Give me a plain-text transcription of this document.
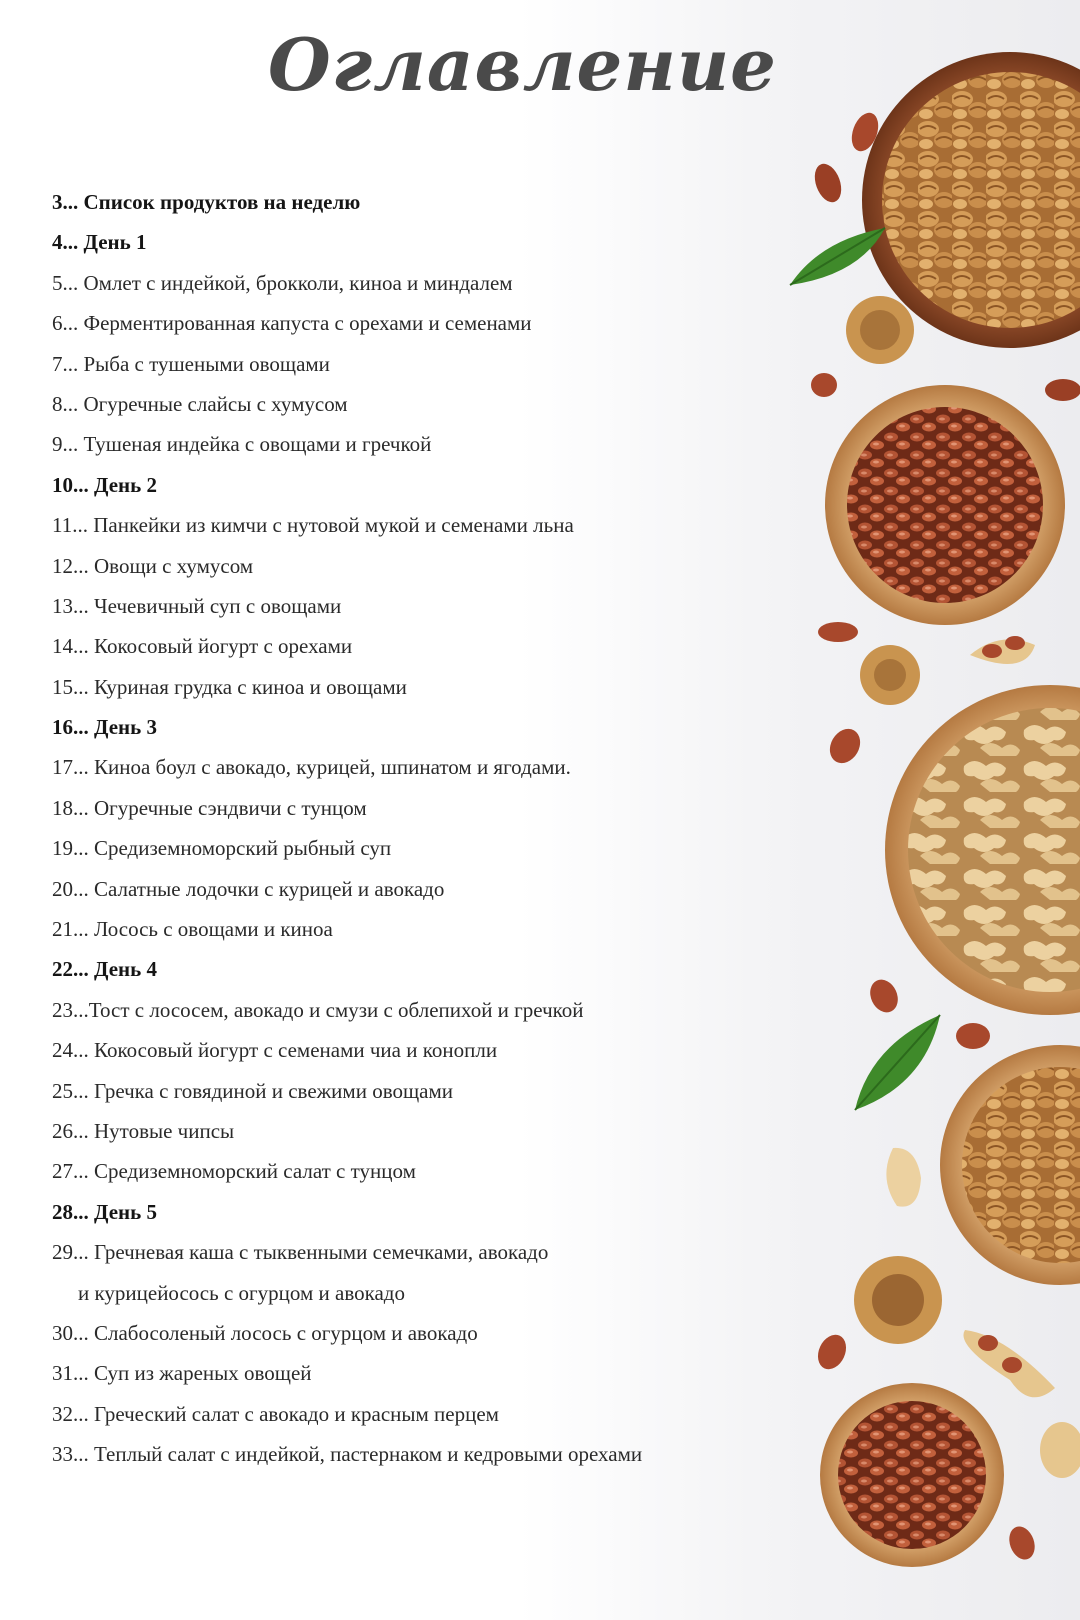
Оглавление
3... Список продуктов на неделю
4... День 1
5... Омлет с индейкой, брокколи, киноа и миндалем
6... Ферментированная капуста с орехами и семенами
7... Рыба с тушеными овощами
8... Огуречные слайсы с хумусом
9... Тушеная индейка с овощами и гречкой
10... День 2
11... Панкейки из кимчи с нутовой мукой и семенами льна
12... Овощи с хумусом
13... Чечевичный суп с овощами
14... Кокосовый йогурт с орехами
15... Куриная грудка с киноа и овощами
16... День 3
17... Киноа боул с авокадо, курицей, шпинатом и ягодами.
18... Огуречные сэндвичи с тунцом
19... Средиземноморский рыбный суп
20... Салатные лодочки с курицей и авокадо
21... Лосось с овощами и киноа
22... День 4
23...Тост с лососем, авокадо и смузи с облепихой и гречкой
24... Кокосовый йогурт с семенами чиа и конопли
25... Гречка с говядиной и свежими овощами
26... Нутовые чипсы
27... Средиземноморский салат с тунцом
28... День 5
29... Гречневая каша с тыквенными семечками, авокадо
и курицейосось с огурцом и авокадо
30... Слабосоленый лосось с огурцом и авокадо
31... Суп из жареных овощей
32... Греческий салат с авокадо и красным перцем
33... Теплый салат с индейкой, пастернаком и кедровыми орехами
